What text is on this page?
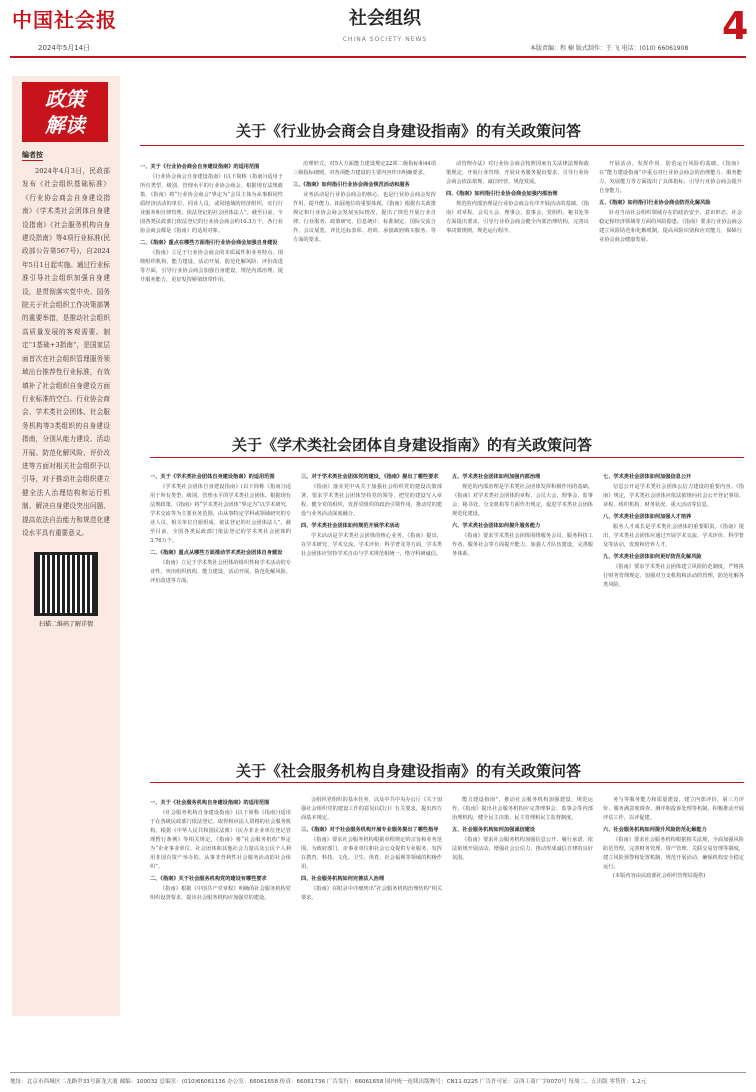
中国社会报
2024年5月14日
社会组织
CHINA SOCIETY NEWS
本版责编：程 楠 版式制作：王 飞 电话：(010) 66061908
4
政策
解读
编者按
2024年4月3日，民政部发布《社会组织基础标准》《行业协会商会自身建设指南》《学术类社会团体自身建设指南》《社会服务机构自身建设指南》等4项行业标准(民政部公告第567号)，自2024年5月1日起实施。通过行业标准引导社会组织加强自身建设，是贯彻落实党中央、国务院关于社会组织工作决策部署的重要举措，是推动社会组织高质量发展的客观需要。制定“1基础+3指南”，是国家层面首次在社会组织管理服务领域出台推荐性行业标准，有效填补了社会组织自身建设方面行业标准的空白。行业协会商会、学术类社会团体、社会服务机构等3类组织的自身建设指南，分别从能力建设、活动开展、防范化解风险、评价改进等方面对相关社会组织予以引导，对于推动社会组织建立健全法人治理结构和运行机制、解决自身建设突出问题、提高依法自治能力和规范化建设水平具有重要意义。
扫描二维码了解详情
关于《行业协会商会自身建设指南》的有关政策问答
一、关于《行业协会商会自身建设指南》的适用范围

《行业协会商会自身建设指南》(以下简称《指南》)适用于所有类型、级别、管理水平的行业协会商会。根据现有法规政策，《指南》将“行业协会商会”界定为“会员主体为从事相同性质经济活动的单位、同业人员，或同地域的经济组织，实行行业服务和自律管理、依法登记的社会团体法人”。截至目前，全国各类民政部门依法登记的行业协会商会约10.3万个，各行业协会商会都是《指南》的适用对象。

二、《指南》重点在哪些方面指引行业协会商会加强自身建设

《指南》立足于行业协会商会的本质属性和业务特点，围绕组织机构、能力建设、活动开展、防范化解风险、评价改进等方面，引导行业协会商会加强自身建设，规范内部治理，提升服务能力，更好发挥桥梁纽带作用。

治理形式，对5大方面能力建设规定22项二级指标和44项三级指标细则，对各项能力建设的主要内容作出明确要求。

三、《指南》如何指引行业协会商会规范活动和服务

业务活动是行业协会商会的核心，也是行业协会商会发挥作用、提升能力、拓展地位的重要体现。《指南》根据有关政策规定和行业协会商会发展实际情况，提出了规范开展行业自律、行业服务、政策研究、信息统计、标准制定、国际交流合作、会议展览、评比达标表彰、培训、承接政府购买服务、等方面的要求。

动管理办法》对行业协会商会按照国家有关法律法规和政策规定，开展行业管理、开展业务服务提出要求，引导行业协会商会依法依规、诚信经营、规范发展。

四、《指南》如何指引行业协会商会加强内部治理

规范的内部治理是行业协会商会有序开展活动的基础。《指南》对章程、会员大会、理事会、监事会、党组织、秘书处等方面提出要求，引导行业协会商会健全内部治理结构，完善议事决策规则，规范运行程序。

开展活动、发挥作用、防范运行风险的基础。《指南》在“能力建设指南”中重点对行业协会商会的治理能力、服务能力、发展能力等方面提出了具体指标，引导行业协会商会提升自身能力。

五、《指南》如何指引行业协会商会防范化解风险

针对当前社会组织领域存在的政治安全、意识形态、社会稳定和经济领域等方面的风险隐患，《指南》要求行业协会商会建立风险防范和化解机制，提高风险识别和应对能力，保障行业协会商会健康发展。

关于《学术类社会团体自身建设指南》的有关政策问答
一、关于《学术类社会团体自身建设指南》的适用范围

《学术类社会团体自身建设指南》(以下简称《指南》)适用于所有类型、级别、管理水平的学术类社会团体。根据现有法规政策，《指南》将“学术类社会团体”界定为“以学术研究、学术交流等为主要业务范围，由从事特定学科或领域研究的专业人员、相关单位自愿组成，依法登记的社会团体法人”。截至目前，全国各类民政部门依法登记的学术类社会团体约3.76万个。

二、《指南》重点从哪些方面推动学术类社会团体自身建设

《指南》立足于学术类社会团体的组织性和学术活动的专业性，突出组织机构、能力建设、活动开展、防范化解风险、评价改进等方面。

三、对于学术类社会团体党的建设，《指南》提出了哪些要求

《指南》落实党中央关于加强社会组织党的建设决策部署，要求学术类社会团体坚持党的领导，把党的建设写入章程，健全党的组织，发挥党组织的政治引领作用，推动党的建设与业务活动深度融合。

四、学术类社会团体如何规范开展学术活动

学术活动是学术类社会团体的核心业务。《指南》提出，在学术研究、学术交流、学术评价、科学普及等方面，学术类社会团体应坚持学术自由与学术规范相统一，恪守科研诚信。

五、学术类社会团体如何加强内部治理

规范的内部治理是学术类社会团体发挥积极作用的基础。《指南》对学术类社会团体的章程、会员大会、理事会、监事会、秘书处、分支机构等方面作出规定，促进学术类社会团体规范化建设。

六、学术类社会团体如何提升服务能力

《指南》要求学术类社会团体围绕服务会员、服务科技工作者、服务社会等方面提升能力，加强人才队伍建设，完善服务体系。

七、学术类社会团体如何加强信息公开

信息公开是学术类社会团体公信力建设的重要内容。《指南》规定，学术类社会团体应依法依规向社会公开登记事项、章程、组织机构、财务状况、重大活动等信息。

八、学术类社会团体如何加强人才培养

服务人才成长是学术类社会团体的重要职责。《指南》提出，学术类社会团体应通过开展学术交流、学术评价、科学普及等活动，发现和培养人才。

九、学术类社会团体如何更好防范化解风险

《指南》要求学术类社会团体建立风险防范制度，严格执行财务管理规定，加强对分支机构和活动的管理，防范化解各类风险。

关于《社会服务机构自身建设指南》的有关政策问答
一、关于《社会服务机构自身建设指南》的适用范围

《社会服务机构自身建设指南》(以下简称《指南》)适用于在各级民政部门依法登记、取得相应法人资格的社会服务机构。根据《中华人民共和国民法典》《民办非企业单位登记管理暂行条例》等相关规定，《指南》将“社会服务机构”界定为“企业事业单位、社会团体和其他社会力量以及公民个人利用非国有资产举办的、从事非营利性社会服务活动的社会组织”。

二、《指南》关于社会服务机构党的建设有哪些要求

《指南》根据《中国共产党章程》明确的社会服务机构党组织设置要求，提出社会服务机构应加强党的建设。

会组织党组织的基本任务，以及中共中央办公厅《关于加强社会组织党的建设工作的意见(试行)》有关要求，提出四方面基本规定。

三、《指南》对于社会服务机构开展专业服务提出了哪些指导

《指南》要求社会服务机构根据章程规定的宗旨和业务范围，为政府部门、企事业单位和社会公众提供专业服务，发挥在教育、科技、文化、卫生、体育、社会福利等领域的积极作用。

四、社会服务机构如何完善法人治理

《指南》在附录中详细列出“社会服务机构治理结构”相关要求。

能力建设指南”，推动社会服务机构加强建设，规范运作。《指南》提出社会服务机构应完善理事会、监事会等内部治理机构，健全民主决策、民主管理和民主监督制度。

五、社会服务机构如何加强诚信建设

《指南》要求社会服务机构加强信息公开、履行承诺、依法依规开展活动，增强社会公信力，推动形成诚信自律的良好氛围。

务与等服务能力和质量建设，建立内部评价、第三方评价、服务满意度调查、测评和投诉处理等机制，积极推动开展评估工作，以评促建。

六、社会服务机构如何提升风险防范化解能力

《指南》要求社会服务机构根据相关法规，全面加强风险防范管理，完善财务管理、资产管理、关联交易管理等制度，建立风险预警和处置机制，规范开展活动，确保机构安全稳定运行。

(本版内容由民政部社会组织管理局提供)

地址：北京市西城区二龙路甲33号新龙大厦 邮编：100032 总编室：(010)66061136 办公室：66061658 传真：66061736 广告发行：66061658 国内统一连续出版物号：CN11-0225 广告许可证：京西工商广字0070号 每周二、五出版 零售价：1.2元
